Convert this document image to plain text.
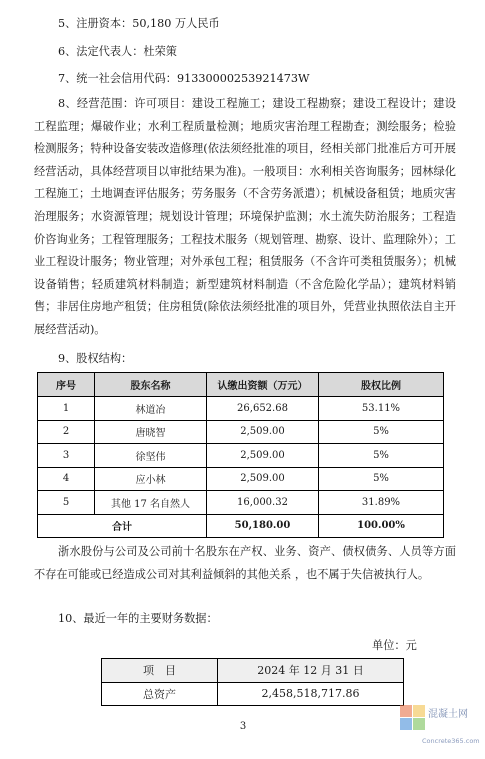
5、注册资本：50,180 万人民币
6、法定代表人：杜荣策
7、统一社会信用代码：91330000253921473W
8、经营范围：许可项目：建设工程施工；建设工程勘察；建设工程设计；建设工程监理；爆破作业；水利工程质量检测；地质灾害治理工程勘查；测绘服务；检验检测服务；特种设备安装改造修理(依法须经批准的项目，经相关部门批准后方可开展经营活动，具体经营项目以审批结果为准)。一般项目：水利相关咨询服务；园林绿化工程施工；土地调查评估服务；劳务服务（不含劳务派遣）；机械设备租赁；地质灾害治理服务；水资源管理；规划设计管理；环境保护监测；水土流失防治服务；工程造价咨询业务；工程管理服务；工程技术服务（规划管理、勘察、设计、监理除外）；工业工程设计服务；物业管理；对外承包工程；租赁服务（不含许可类租赁服务）；机械设备销售；轻质建筑材料制造；新型建筑材料制造（不含危险化学品）；建筑材料销售；非居住房地产租赁；住房租赁(除依法须经批准的项目外，凭营业执照依法自主开展经营活动)。
9、股权结构：
序号	股东名称	认缴出资额（万元）	股权比例
1	林道冶	26,652.68	53.11%
2	唐晓智	2,509.00	5%
3	徐坚伟	2,509.00	5%
4	应小林	2,509.00	5%
5	其他 17 名自然人	16,000.32	31.89%
合计		50,180.00	100.00%
浙水股份与公司及公司前十名股东在产权、业务、资产、债权债务、人员等方面不存在可能或已经造成公司对其利益倾斜的其他关系 ，也不属于失信被执行人。
10、最近一年的主要财务数据：
单位：元
项　目	2024 年 12 月 31 日
总资产	2,458,518,717.86
3
混凝土网
Concrete365.com
